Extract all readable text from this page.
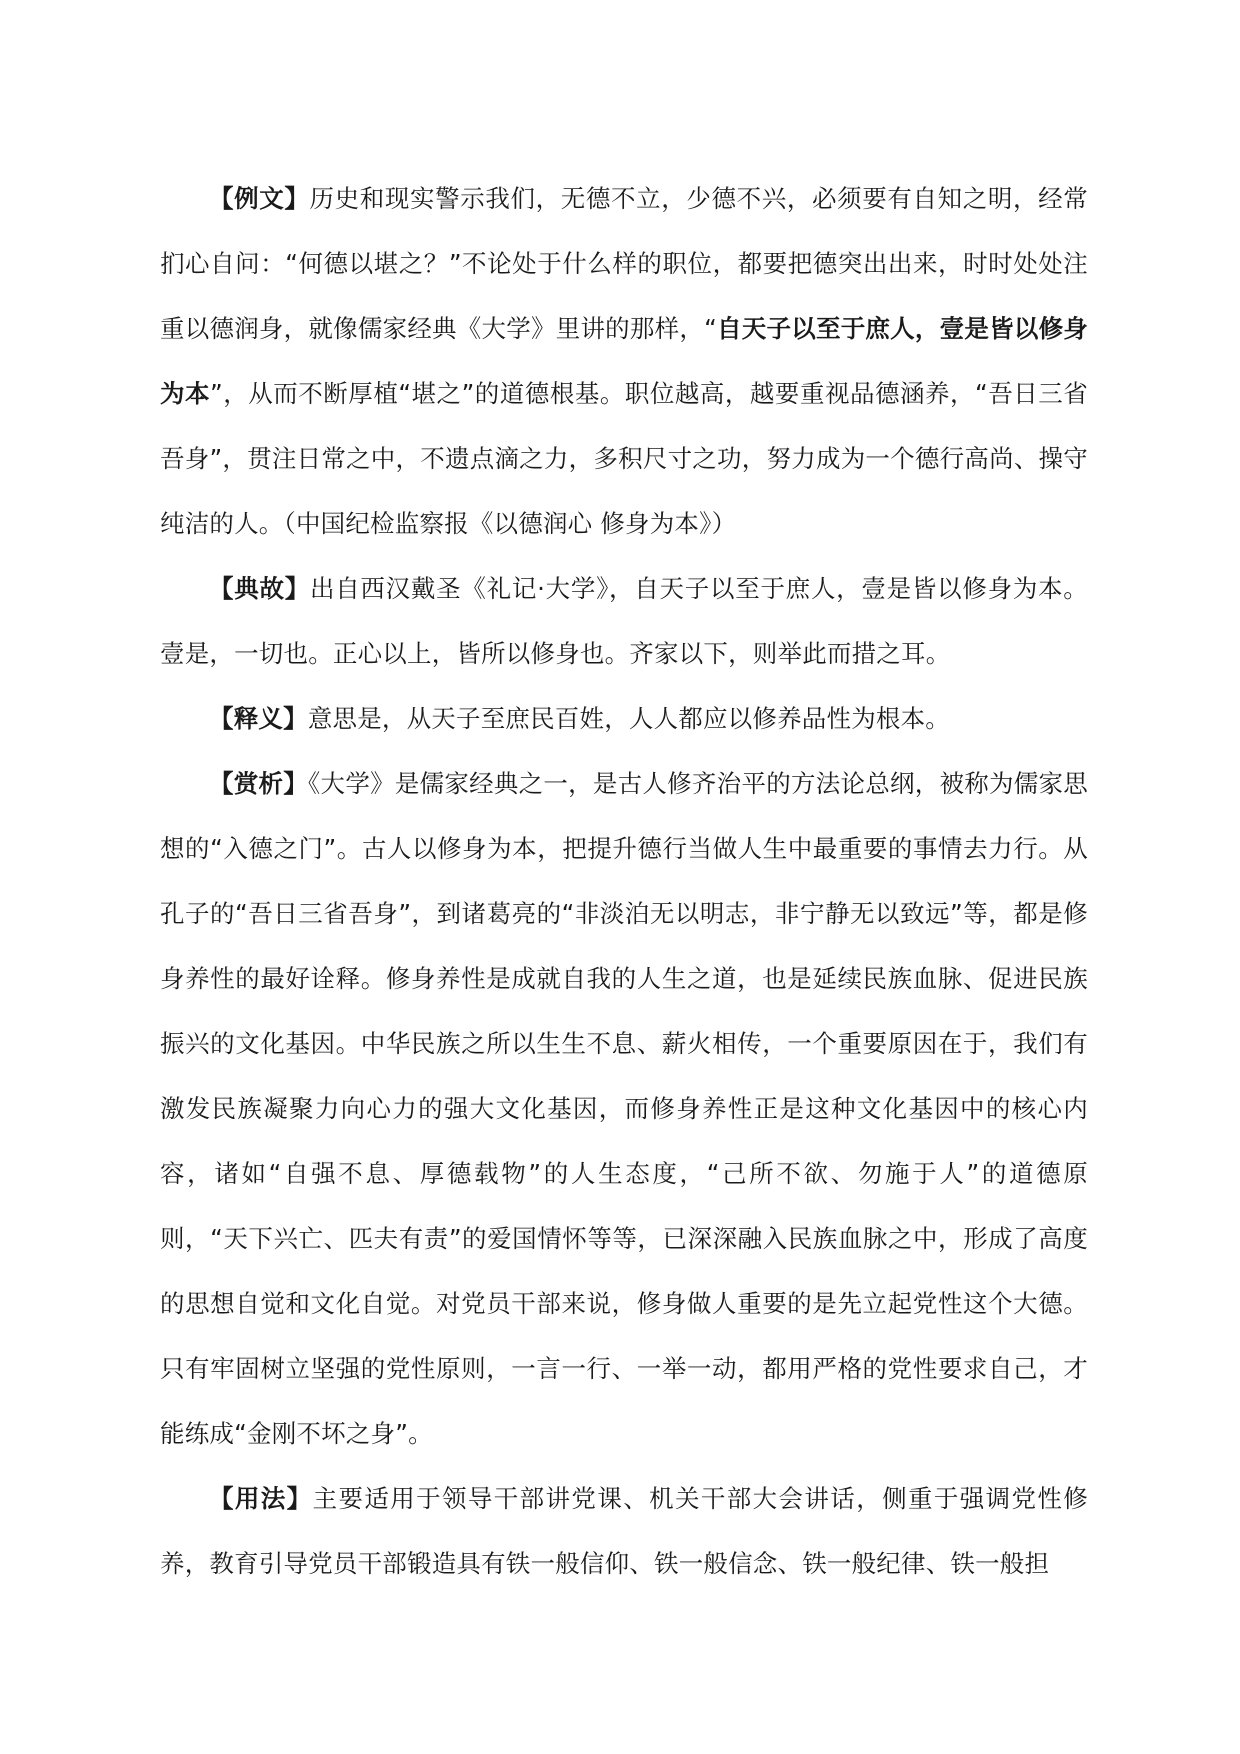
【例文】历史和现实警示我们，无德不立，少德不兴，必须要有自知之明，经常扪心自问：“何德以堪之？”不论处于什么样的职位，都要把德突出出来，时时处处注重以德润身，就像儒家经典《大学》里讲的那样，“自天子以至于庶人，壹是皆以修身为本”，从而不断厚植“堪之”的道德根基。职位越高，越要重视品德涵养，“吾日三省吾身”，贯注日常之中，不遗点滴之力，多积尺寸之功，努力成为一个德行高尚、操守纯洁的人。（中国纪检监察报《以德润心 修身为本》）

【典故】出自西汉戴圣《礼记·大学》，自天子以至于庶人，壹是皆以修身为本。壹是，一切也。正心以上，皆所以修身也。齐家以下，则举此而措之耳。

【释义】意思是，从天子至庶民百姓，人人都应以修养品性为根本。

【赏析】《大学》是儒家经典之一，是古人修齐治平的方法论总纲，被称为儒家思想的“入德之门”。古人以修身为本，把提升德行当做人生中最重要的事情去力行。从孔子的“吾日三省吾身”，到诸葛亮的“非淡泊无以明志，非宁静无以致远”等，都是修身养性的最好诠释。修身养性是成就自我的人生之道，也是延续民族血脉、促进民族振兴的文化基因。中华民族之所以生生不息、薪火相传，一个重要原因在于，我们有激发民族凝聚力向心力的强大文化基因，而修身养性正是这种文化基因中的核心内容，诸如“自强不息、厚德载物”的人生态度，“己所不欲、勿施于人”的道德原则，“天下兴亡、匹夫有责”的爱国情怀等等，已深深融入民族血脉之中，形成了高度的思想自觉和文化自觉。对党员干部来说，修身做人重要的是先立起党性这个大德。只有牢固树立坚强的党性原则，一言一行、一举一动，都用严格的党性要求自己，才能练成“金刚不坏之身”。

【用法】主要适用于领导干部讲党课、机关干部大会讲话，侧重于强调党性修养，教育引导党员干部锻造具有铁一般信仰、铁一般信念、铁一般纪律、铁一般担
